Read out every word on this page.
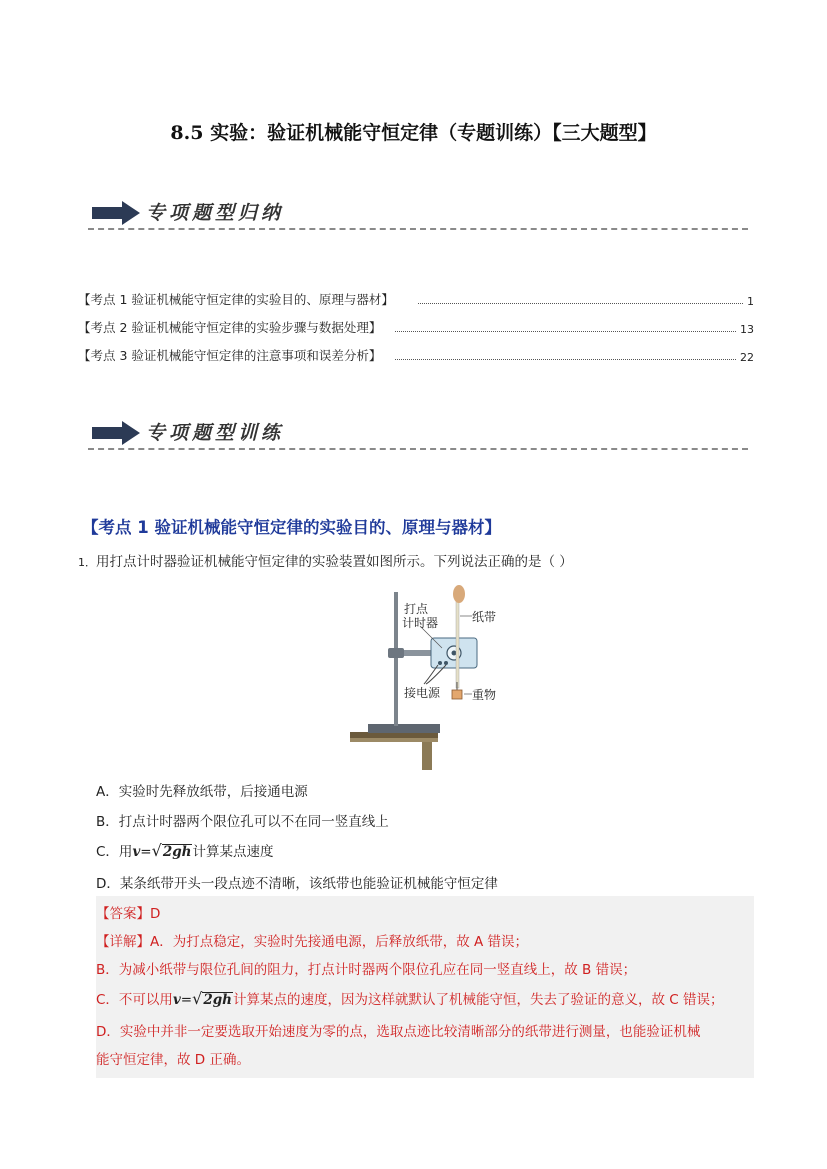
8.5 实验：验证机械能守恒定律（专题训练）【三大题型】
专项题型归纳
【考点 1 验证机械能守恒定律的实验目的、原理与器材】	1
【考点 2 验证机械能守恒定律的实验步骤与数据处理】	13
【考点 3 验证机械能守恒定律的注意事项和误差分析】	22
专项题型训练
【考点 1 验证机械能守恒定律的实验目的、原理与器材】
1．用打点计时器验证机械能守恒定律的实验装置如图所示。下列说法正确的是（ ）
打点
计时器	纸带
接电源	重物
A．实验时先释放纸带，后接通电源
B．打点计时器两个限位孔可以不在同一竖直线上
C．用v=√2gh计算某点速度
D．某条纸带开头一段点迹不清晰，该纸带也能验证机械能守恒定律
【答案】D
【详解】A．为打点稳定，实验时先接通电源，后释放纸带，故 A 错误；
B．为减小纸带与限位孔间的阻力，打点计时器两个限位孔应在同一竖直线上，故 B 错误；
C．不可以用v=√2gh计算某点的速度，因为这样就默认了机械能守恒，失去了验证的意义，故 C 错误；
D．实验中并非一定要选取开始速度为零的点，选取点迹比较清晰部分的纸带进行测量，也能验证机械
能守恒定律，故 D 正确。
